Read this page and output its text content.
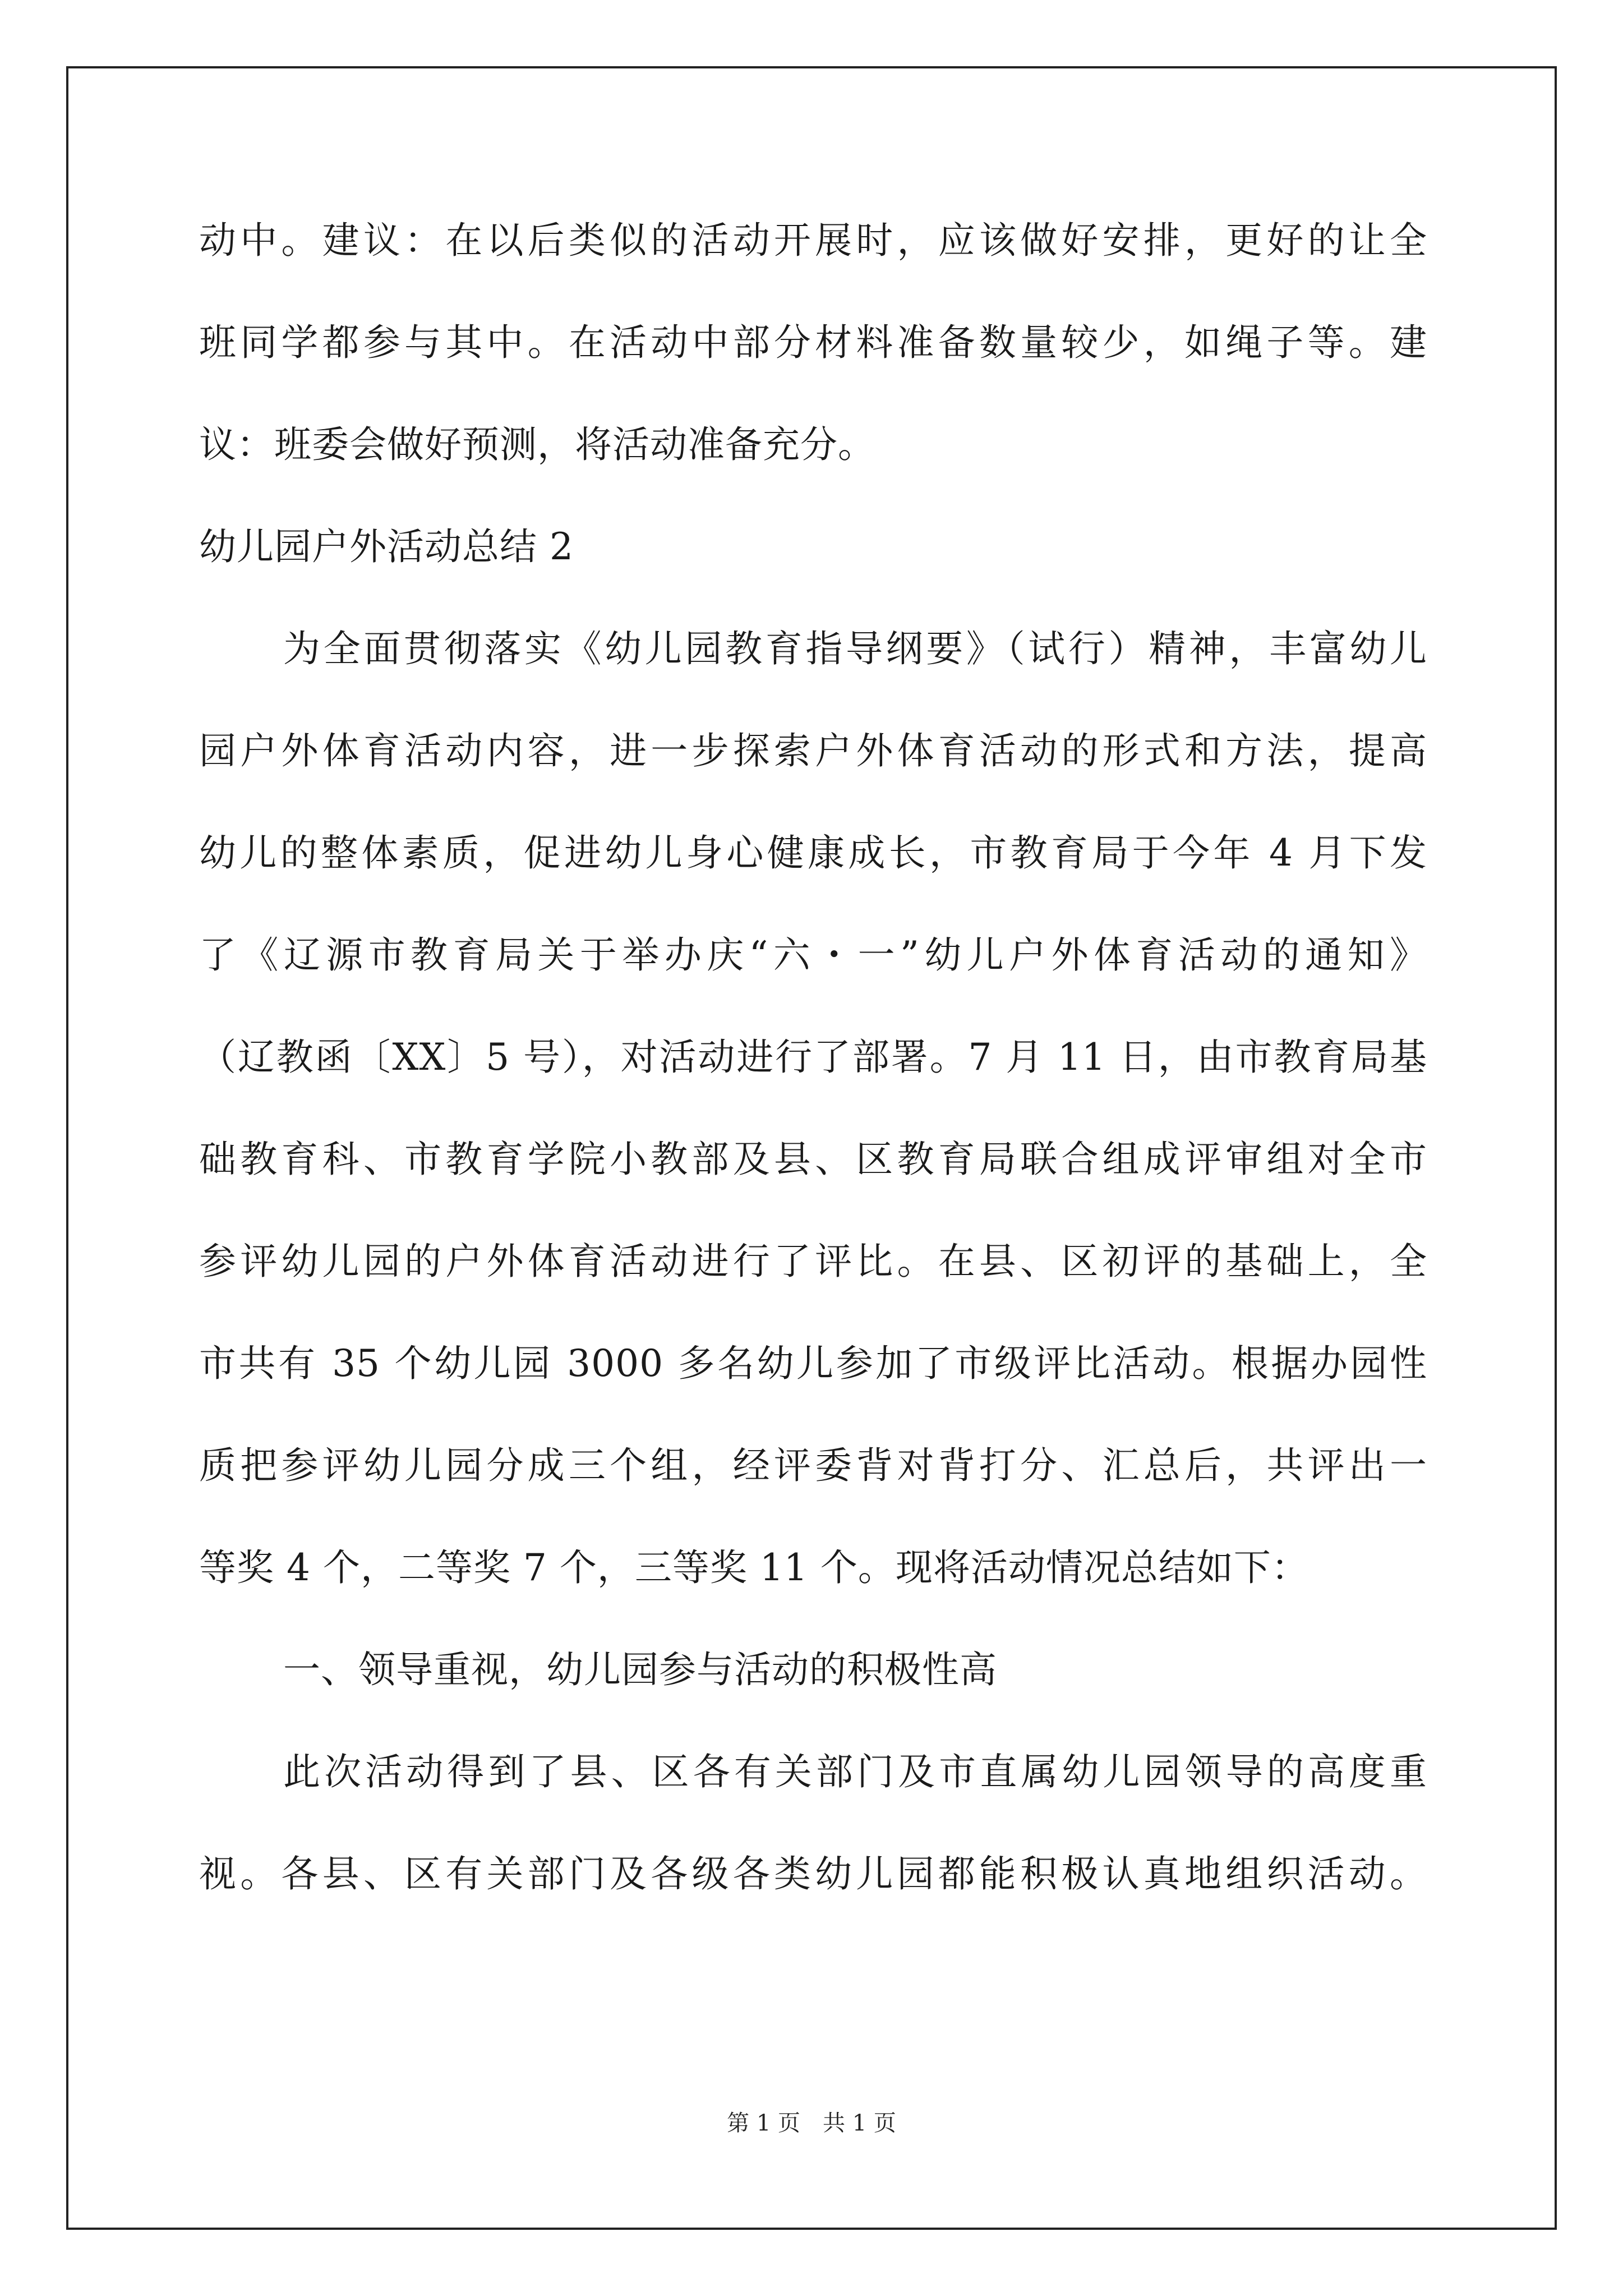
动中。建议：在以后类似的活动开展时，应该做好安排，更好的让全
班同学都参与其中。在活动中部分材料准备数量较少，如绳子等。建
议：班委会做好预测，将活动准备充分。
幼儿园户外活动总结 2
为全面贯彻落实《幼儿园教育指导纲要》（试行）精神，丰富幼儿
园户外体育活动内容，进一步探索户外体育活动的形式和方法，提高
幼儿的整体素质，促进幼儿身心健康成长，市教育局于今年 4 月下发
了《辽源市教育局关于举办庆“六・一”幼儿户外体育活动的通知》
（辽教函〔XX〕5 号），对活动进行了部署。7 月 11 日，由市教育局基
础教育科、市教育学院小教部及县、区教育局联合组成评审组对全市
参评幼儿园的户外体育活动进行了评比。在县、区初评的基础上，全
市共有 35 个幼儿园 3000 多名幼儿参加了市级评比活动。根据办园性
质把参评幼儿园分成三个组，经评委背对背打分、汇总后，共评出一
等奖 4 个，二等奖 7 个，三等奖 11 个。现将活动情况总结如下：
一、领导重视，幼儿园参与活动的积极性高
此次活动得到了县、区各有关部门及市直属幼儿园领导的高度重
视。各县、区有关部门及各级各类幼儿园都能积极认真地组织活动。
第 1 页　共 1 页
